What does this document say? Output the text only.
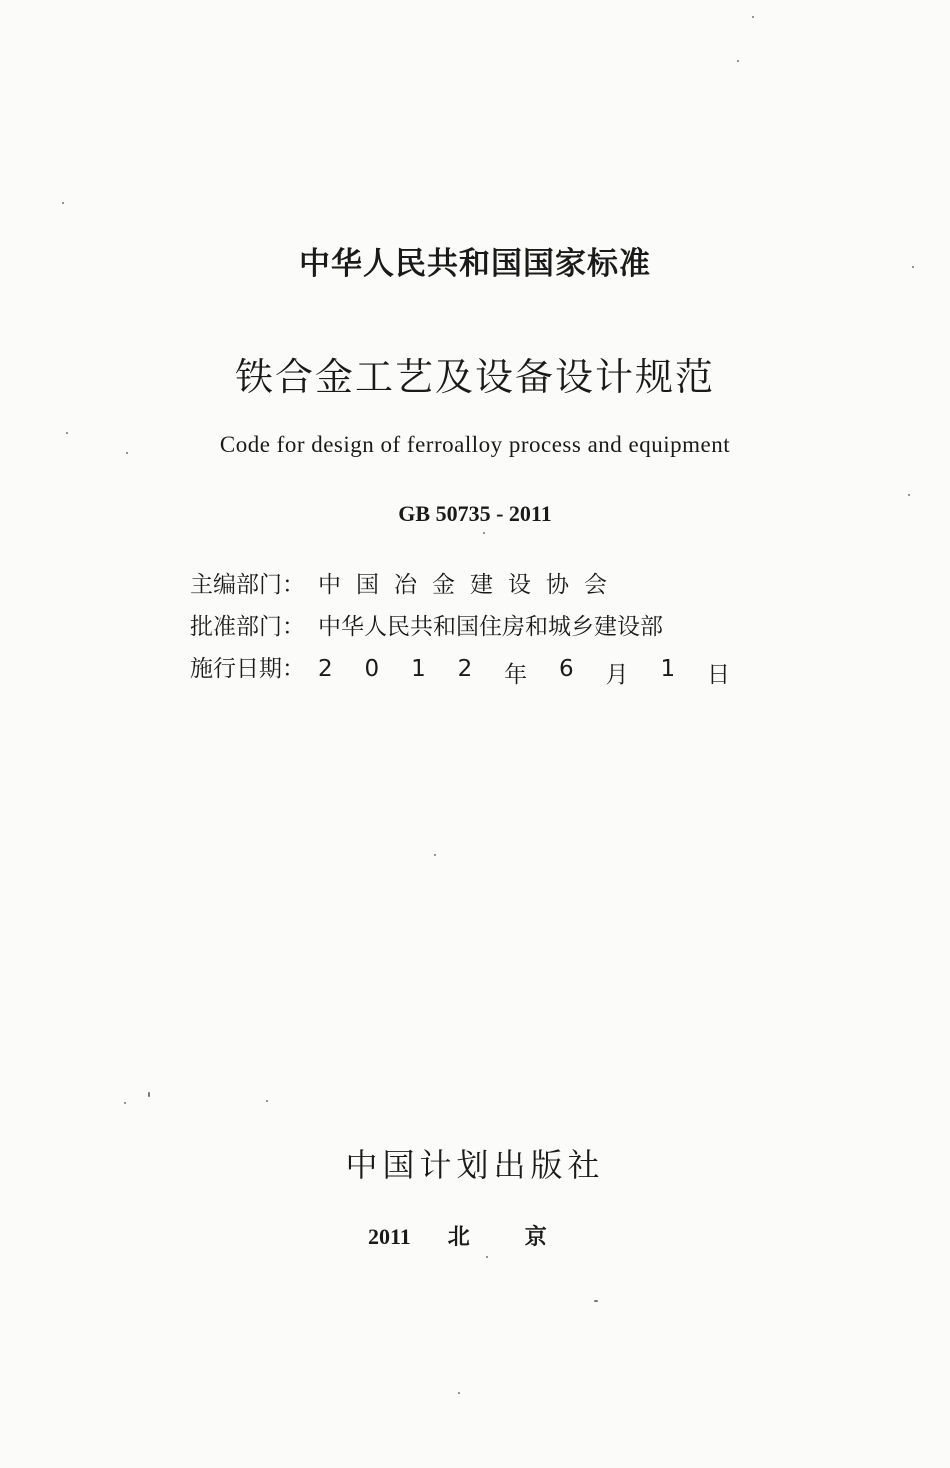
中华人民共和国国家标准
铁合金工艺及设备设计规范
Code for design of ferroalloy process and equipment
GB 50735 - 2011
主编部门： 中国冶金建设协会
批准部门： 中华人民共和国住房和城乡建设部
施行日期： 2 0 1 2 年 6 月 1 日
中国计划出版社
2011 北京
